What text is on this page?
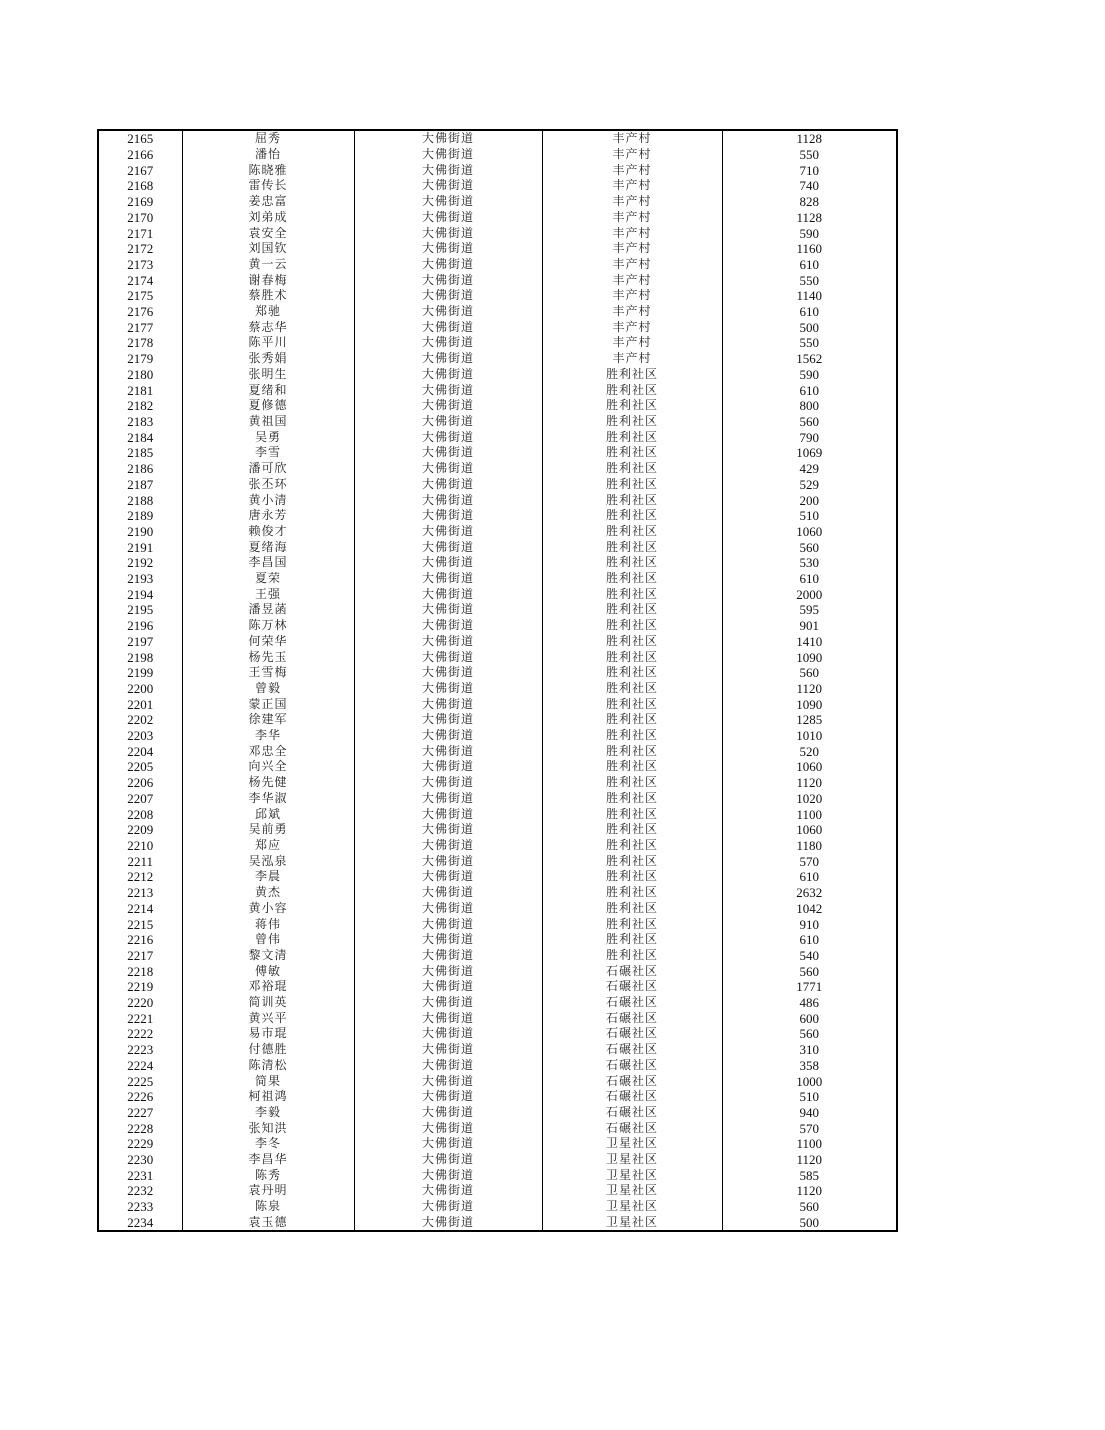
2165	屈秀	大佛街道	丰产村	1128
2166	潘怡	大佛街道	丰产村	550
2167	陈晓雅	大佛街道	丰产村	710
2168	雷传长	大佛街道	丰产村	740
2169	姜忠富	大佛街道	丰产村	828
2170	刘弟成	大佛街道	丰产村	1128
2171	袁安全	大佛街道	丰产村	590
2172	刘国钦	大佛街道	丰产村	1160
2173	黄一云	大佛街道	丰产村	610
2174	谢春梅	大佛街道	丰产村	550
2175	蔡胜术	大佛街道	丰产村	1140
2176	郑驰	大佛街道	丰产村	610
2177	蔡志华	大佛街道	丰产村	500
2178	陈平川	大佛街道	丰产村	550
2179	张秀娟	大佛街道	丰产村	1562
2180	张明生	大佛街道	胜利社区	590
2181	夏绪和	大佛街道	胜利社区	610
2182	夏修德	大佛街道	胜利社区	800
2183	黄祖国	大佛街道	胜利社区	560
2184	吴勇	大佛街道	胜利社区	790
2185	李雪	大佛街道	胜利社区	1069
2186	潘可欣	大佛街道	胜利社区	429
2187	张丕环	大佛街道	胜利社区	529
2188	黄小清	大佛街道	胜利社区	200
2189	唐永芳	大佛街道	胜利社区	510
2190	赖俊才	大佛街道	胜利社区	1060
2191	夏绪海	大佛街道	胜利社区	560
2192	李昌国	大佛街道	胜利社区	530
2193	夏荣	大佛街道	胜利社区	610
2194	王强	大佛街道	胜利社区	2000
2195	潘昱菡	大佛街道	胜利社区	595
2196	陈万林	大佛街道	胜利社区	901
2197	何荣华	大佛街道	胜利社区	1410
2198	杨先玉	大佛街道	胜利社区	1090
2199	王雪梅	大佛街道	胜利社区	560
2200	曾毅	大佛街道	胜利社区	1120
2201	蒙正国	大佛街道	胜利社区	1090
2202	徐建军	大佛街道	胜利社区	1285
2203	李华	大佛街道	胜利社区	1010
2204	邓忠全	大佛街道	胜利社区	520
2205	向兴全	大佛街道	胜利社区	1060
2206	杨先健	大佛街道	胜利社区	1120
2207	李华淑	大佛街道	胜利社区	1020
2208	邱斌	大佛街道	胜利社区	1100
2209	吴前勇	大佛街道	胜利社区	1060
2210	郑应	大佛街道	胜利社区	1180
2211	吴泓泉	大佛街道	胜利社区	570
2212	李晨	大佛街道	胜利社区	610
2213	黄杰	大佛街道	胜利社区	2632
2214	黄小容	大佛街道	胜利社区	1042
2215	蒋伟	大佛街道	胜利社区	910
2216	曾伟	大佛街道	胜利社区	610
2217	黎文清	大佛街道	胜利社区	540
2218	傅敏	大佛街道	石碾社区	560
2219	邓裕琨	大佛街道	石碾社区	1771
2220	简训英	大佛街道	石碾社区	486
2221	黄兴平	大佛街道	石碾社区	600
2222	易市琨	大佛街道	石碾社区	560
2223	付德胜	大佛街道	石碾社区	310
2224	陈清松	大佛街道	石碾社区	358
2225	简果	大佛街道	石碾社区	1000
2226	柯祖鸿	大佛街道	石碾社区	510
2227	李毅	大佛街道	石碾社区	940
2228	张知洪	大佛街道	石碾社区	570
2229	李冬	大佛街道	卫星社区	1100
2230	李昌华	大佛街道	卫星社区	1120
2231	陈秀	大佛街道	卫星社区	585
2232	袁丹明	大佛街道	卫星社区	1120
2233	陈泉	大佛街道	卫星社区	560
2234	袁玉德	大佛街道	卫星社区	500
